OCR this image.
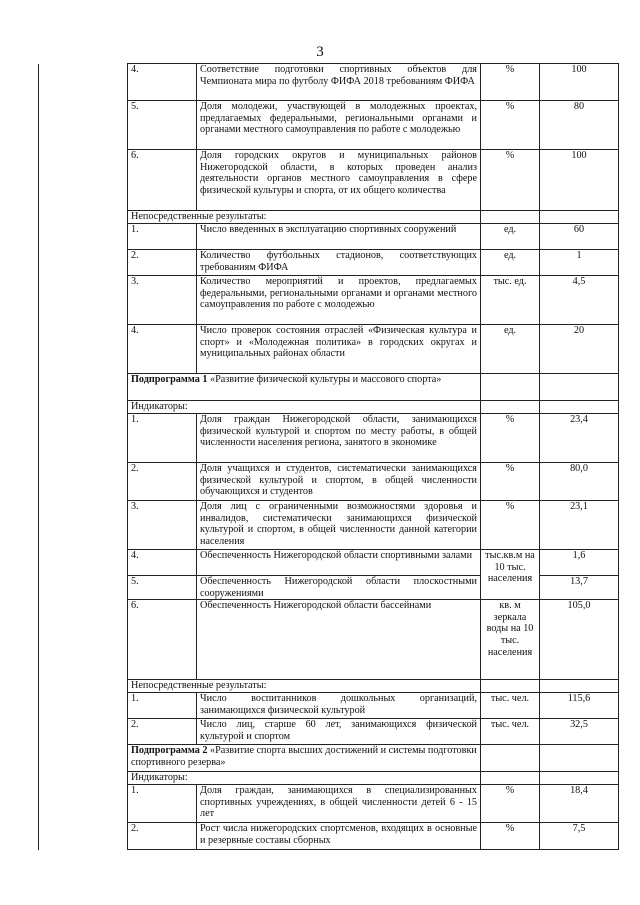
3
	4.	Соответствие подготовки спортивных объектов для Чемпионата мира по футболу ФИФА 2018 требованиям ФИФА	%	100
	5.	Доля молодежи, участвующей в молодежных проектах, предлагаемых федеральными, региональными органами и органами местного самоуправления по работе с молодежью	%	80
	6.	Доля городских округов и муниципальных районов Нижегородской области, в которых проведен анализ деятельности органов местного самоуправления в сфере физической культуры и спорта, от их общего количества	%	100
	Непосредственные результаты:			
	1.	Число введенных в эксплуатацию спортивных сооружений	ед.	60
	2.	Количество футбольных стадионов, соответствующих требованиям ФИФА	ед.	1
	3.	Количество мероприятий и проектов, предлагаемых федеральными, региональными органами и органами местного самоуправления по работе с молодежью	тыс. ед.	4,5
	4.	Число проверок состояния отраслей «Физическая культура и спорт» и «Молодежная политика» в городских округах и муниципальных районах области	ед.	20
	Подпрограмма 1 «Развитие физической культуры и массового спорта»			
	Индикаторы:			
	1.	Доля граждан Нижегородской области, занимающихся физической культурой и спортом по месту работы, в общей численности населения региона, занятого в экономике	%	23,4
	2.	Доля учащихся и студентов, систематически занимающихся физической культурой и спортом, в общей численности обучающихся и студентов	%	80,0
	3.	Доля лиц с ограниченными возможностями здоровья и инвалидов, систематически занимающихся физической культурой и спортом, в общей численности данной категории населения	%	23,1
	4.	Обеспеченность Нижегородской области спортивными залами	тыс.кв.м на 10 тыс. населения	1,6
	5.	Обеспеченность Нижегородской области плоскостными сооружениями		13,7
	6.	Обеспеченность Нижегородской области бассейнами	кв. м зеркала воды на 10 тыс. населения	105,0
	Непосредственные результаты:			
	1.	Число воспитанников дошкольных организаций, занимающихся физической культурой	тыс. чел.	115,6
	2.	Число лиц, старше 60 лет, занимающихся физической культурой и спортом	тыс. чел.	32,5
	Подпрограмма 2 «Развитие спорта высших достижений и системы подготовки спортивного резерва»			
	Индикаторы:			
	1.	Доля граждан, занимающихся в специализированных спортивных учреждениях, в общей численности детей 6 - 15 лет	%	18,4
	2.	Рост числа нижегородских спортсменов, входящих в основные и резервные составы сборных	%	7,5
